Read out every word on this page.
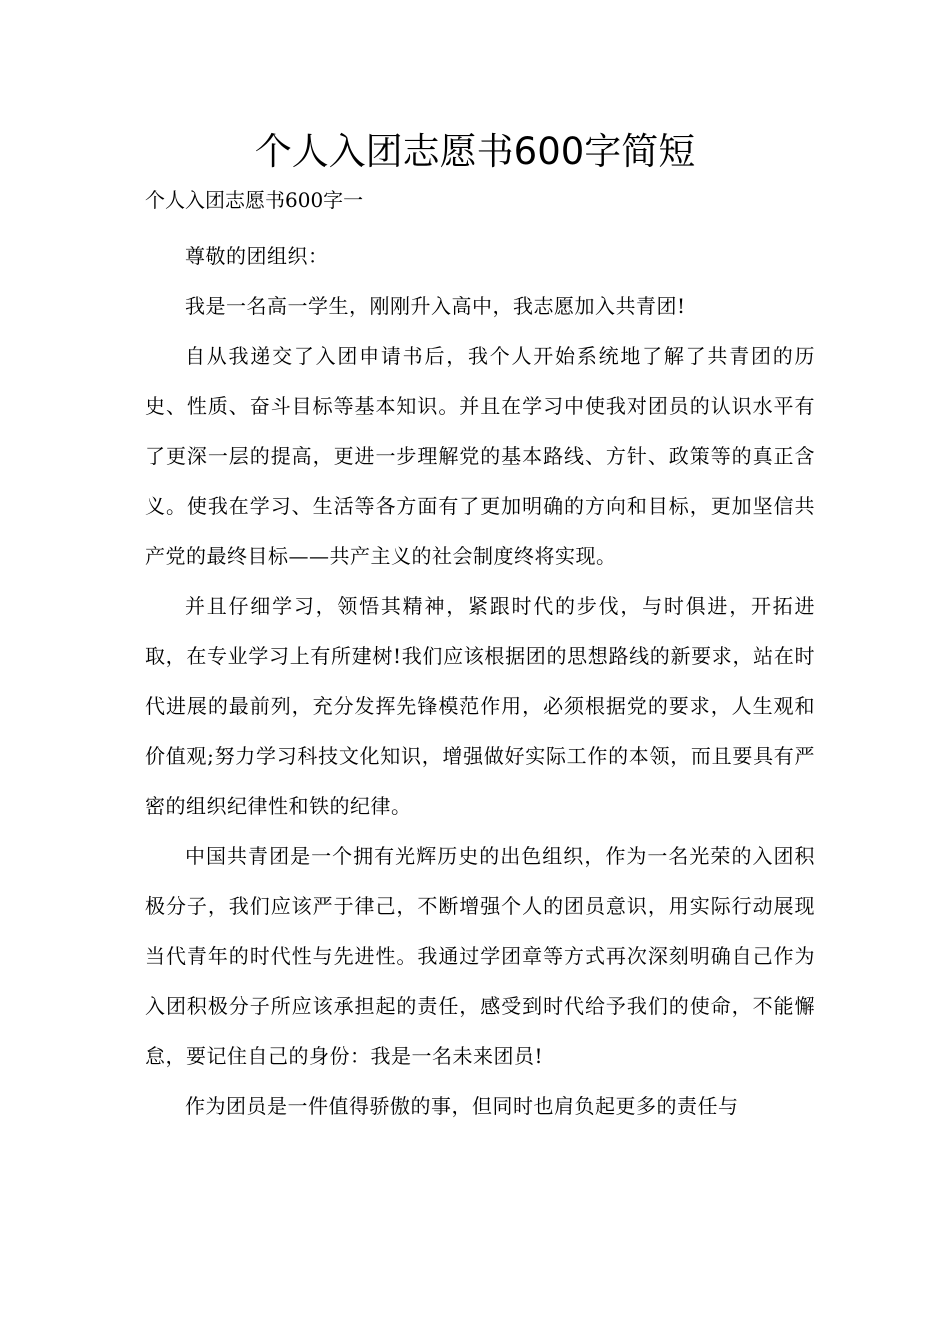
个人入团志愿书600字简短
个人入团志愿书600字一

尊敬的团组织：

我是一名高一学生，刚刚升入高中，我志愿加入共青团!

自从我递交了入团申请书后，我个人开始系统地了解了共青团的历史、性质、奋斗目标等基本知识。并且在学习中使我对团员的认识水平有了更深一层的提高，更进一步理解党的基本路线、方针、政策等的真正含义。使我在学习、生活等各方面有了更加明确的方向和目标，更加坚信共产党的最终目标——共产主义的社会制度终将实现。

并且仔细学习，领悟其精神，紧跟时代的步伐，与时俱进，开拓进取，在专业学习上有所建树!我们应该根据团的思想路线的新要求，站在时代进展的最前列，充分发挥先锋模范作用，必须根据党的要求，人生观和价值观;努力学习科技文化知识，增强做好实际工作的本领，而且要具有严密的组织纪律性和铁的纪律。

中国共青团是一个拥有光辉历史的出色组织，作为一名光荣的入团积极分子，我们应该严于律己，不断增强个人的团员意识，用实际行动展现当代青年的时代性与先进性。我通过学团章等方式再次深刻明确自己作为入团积极分子所应该承担起的责任，感受到时代给予我们的使命，不能懈怠，要记住自己的身份：我是一名未来团员!

作为团员是一件值得骄傲的事，但同时也肩负起更多的责任与
